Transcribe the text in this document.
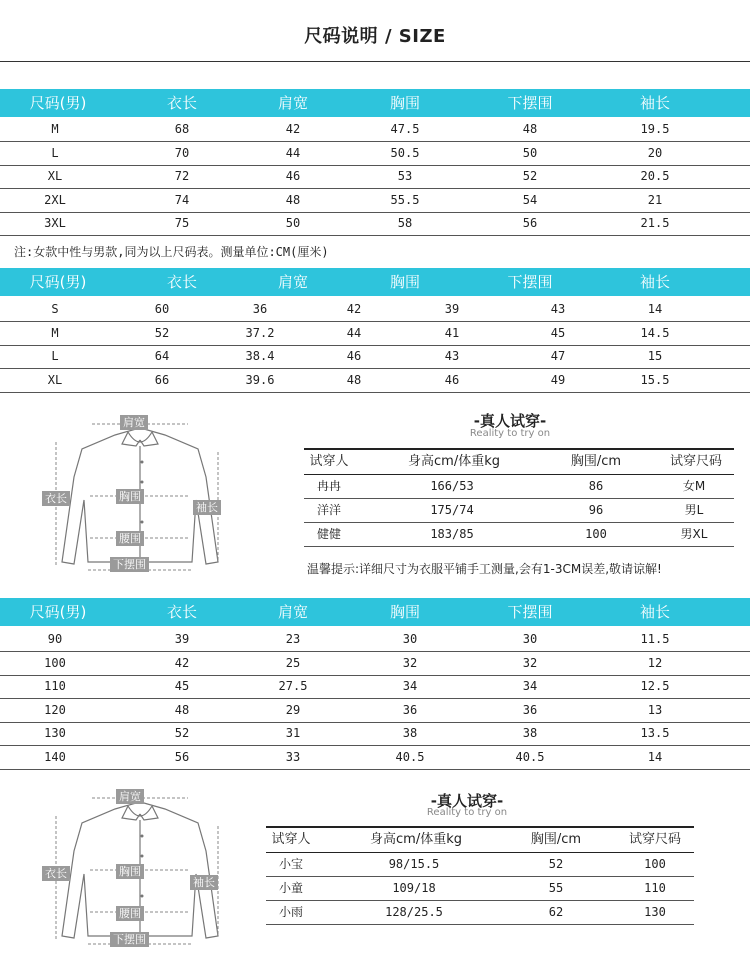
尺码说明 / SIZE
尺码(男)	衣长	肩宽	胸围	下摆围	袖长
M	68	42	47.5	48	19.5
L	70	44	50.5	50	20
XL	72	46	53	52	20.5
2XL	74	48	55.5	54	21
3XL	75	50	58	56	21.5
注:女款中性与男款,同为以上尺码表。测量单位:CM(厘米)
尺码(男)	衣长	肩宽	胸围	下摆围	袖长
S	60	36	42	39	43	14
M	52	37.2	44	41	45	14.5
L	64	38.4	46	43	47	15
XL	66	39.6	48	46	49	15.5
肩宽
衣长	胸围
袖长
腰围
下摆围
-真人试穿-
Reality to try on
试穿人	身高cm/体重kg	胸围/cm	试穿尺码
冉冉	166/53	86	女M
洋洋	175/74	96	男L
健健	183/85	100	男XL
温馨提示:详细尺寸为衣服平铺手工测量,会有1-3CM误差,敬请谅解!
尺码(男)	衣长	肩宽	胸围	下摆围	袖长
90	39	23	30	30	11.5
100	42	25	32	32	12
110	45	27.5	34	34	12.5
120	48	29	36	36	13
130	52	31	38	38	13.5
140	56	33	40.5	40.5	14
肩宽
衣长	胸围
袖长
腰围
下摆围
-真人试穿-
Reality to try on
试穿人	身高cm/体重kg	胸围/cm	试穿尺码
小宝	98/15.5	52	100
小童	109/18	55	110
小雨	128/25.5	62	130
